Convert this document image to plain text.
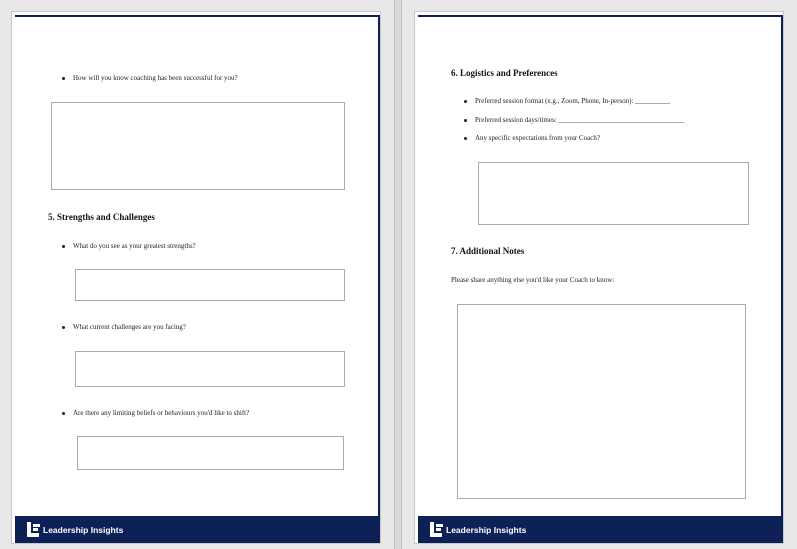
How will you know coaching has been successful for you?
5. Strengths and Challenges
What do you see as your greatest strengths?
What current challenges are you facing?
Are there any limiting beliefs or behaviours you'd like to shift?
Leadership Insights
6. Logistics and Preferences
Preferred session format (e.g., Zoom, Phone, In-person): __________
Preferred session days/times: ____________________________________
Any specific expectations from your Coach?
7. Additional Notes
Please share anything else you'd like your Coach to know:
Leadership Insights
